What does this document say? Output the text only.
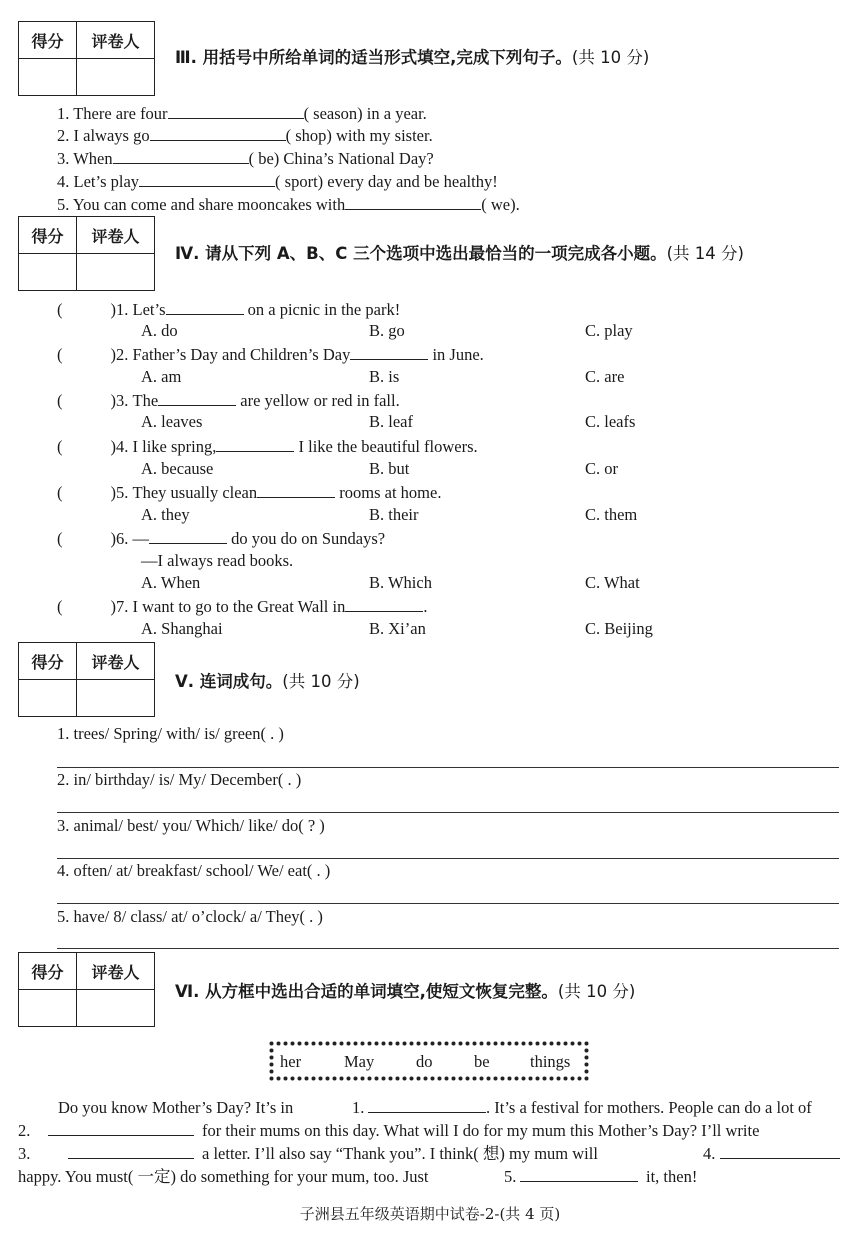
得分	评卷人

Ⅲ. 用括号中所给单词的适当形式填空,完成下列句子。(共 10 分)
1. There are four	( season) in a year.
2. I always go	( shop) with my sister.
3. When	( be) China’s National Day?
4. Let’s play	( sport) every day and be healthy!
5. You can come and share mooncakes with	( we).
得分	评卷人

Ⅳ. 请从下列 A、B、C 三个选项中选出最恰当的一项完成各小题。(共 14 分)
(	)1. Let’s	on a picnic in the park!
A. do	B. go	C. play
(	)2. Father’s Day and Children’s Day	in June.
A. am	B. is	C. are
(	)3. The	are yellow or red in fall.
A. leaves	B. leaf	C. leafs
(	)4. I like spring,	I like the beautiful flowers.
A. because	B. but	C. or
(	)5. They usually clean	rooms at home.
A. they	B. their	C. them
(	)6. —	do you do on Sundays?
—I always read books.
A. When	B. Which	C. What
(	)7. I want to go to the Great Wall in	.
A. Shanghai	B. Xi’an	C. Beijing
得分	评卷人

Ⅴ. 连词成句。(共 10 分)
1. trees/ Spring/ with/ is/ green( . )
2. in/ birthday/ is/ My/ December( . )
3. animal/ best/ you/ Which/ like/ do( ? )
4. often/ at/ breakfast/ school/ We/ eat( . )
5. have/ 8/ class/ at/ o’clock/ a/ They( . )
得分	评卷人

Ⅵ. 从方框中选出合适的单词填空,使短文恢复完整。(共 10 分)
her	May	do	be things
Do you know Mother’s Day? It’s in	1.	. It’s a festival for mothers. People can do a lot of
2.	for their mums on this day. What will I do for my mum this Mother’s Day? I’ll write
3.	a letter. I’ll also say “Thank you”. I think( 想) my mum will	4.
happy. You must( 一定) do something for your mum, too. Just	5.	it, then!
子洲县五年级英语期中试卷-2-(共 4 页)
